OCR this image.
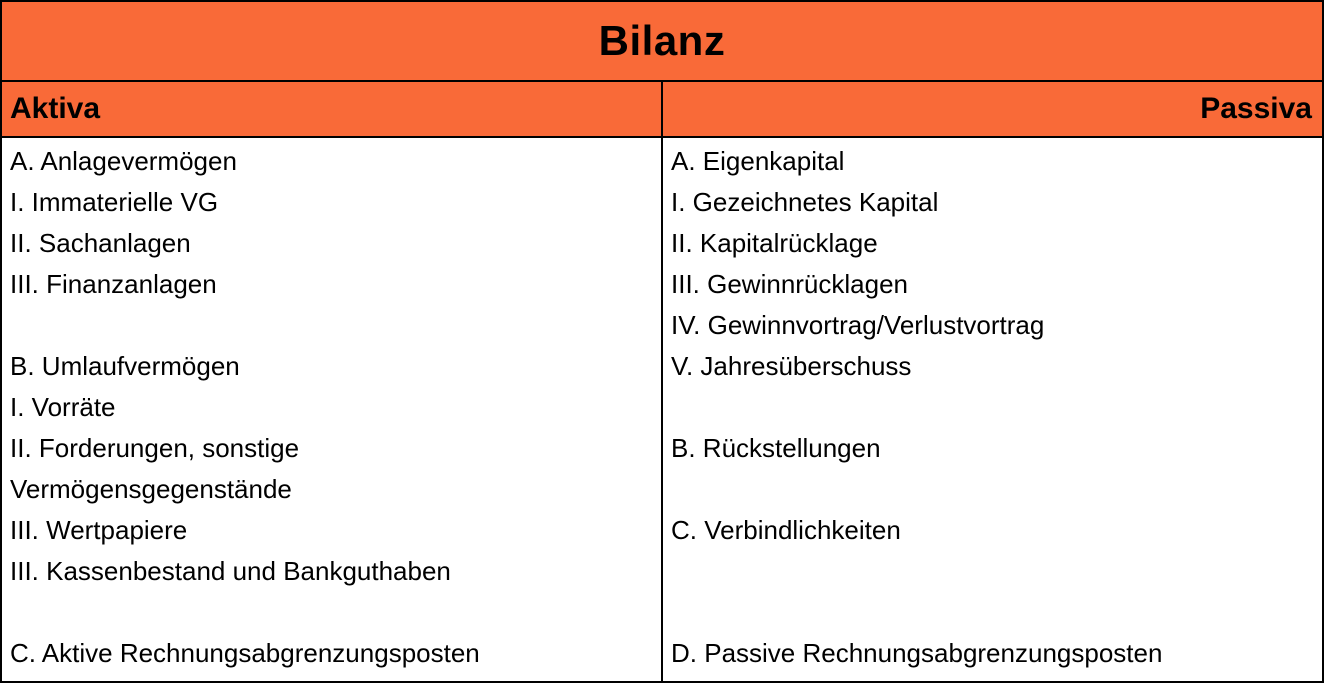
Bilanz
Aktiva	Passiva
A. Anlagevermögen
I. Immaterielle VG
II. Sachanlagen
III. Finanzanlagen
B. Umlaufvermögen
I. Vorräte
II. Forderungen, sonstige
Vermögensgegenstände
III. Wertpapiere
III. Kassenbestand und Bankguthaben
C. Aktive Rechnungsabgrenzungsposten
A. Eigenkapital
I. Gezeichnetes Kapital
II. Kapitalrücklage
III. Gewinnrücklagen
IV. Gewinnvortrag/Verlustvortrag
V. Jahresüberschuss
B. Rückstellungen
C. Verbindlichkeiten
D. Passive Rechnungsabgrenzungsposten
